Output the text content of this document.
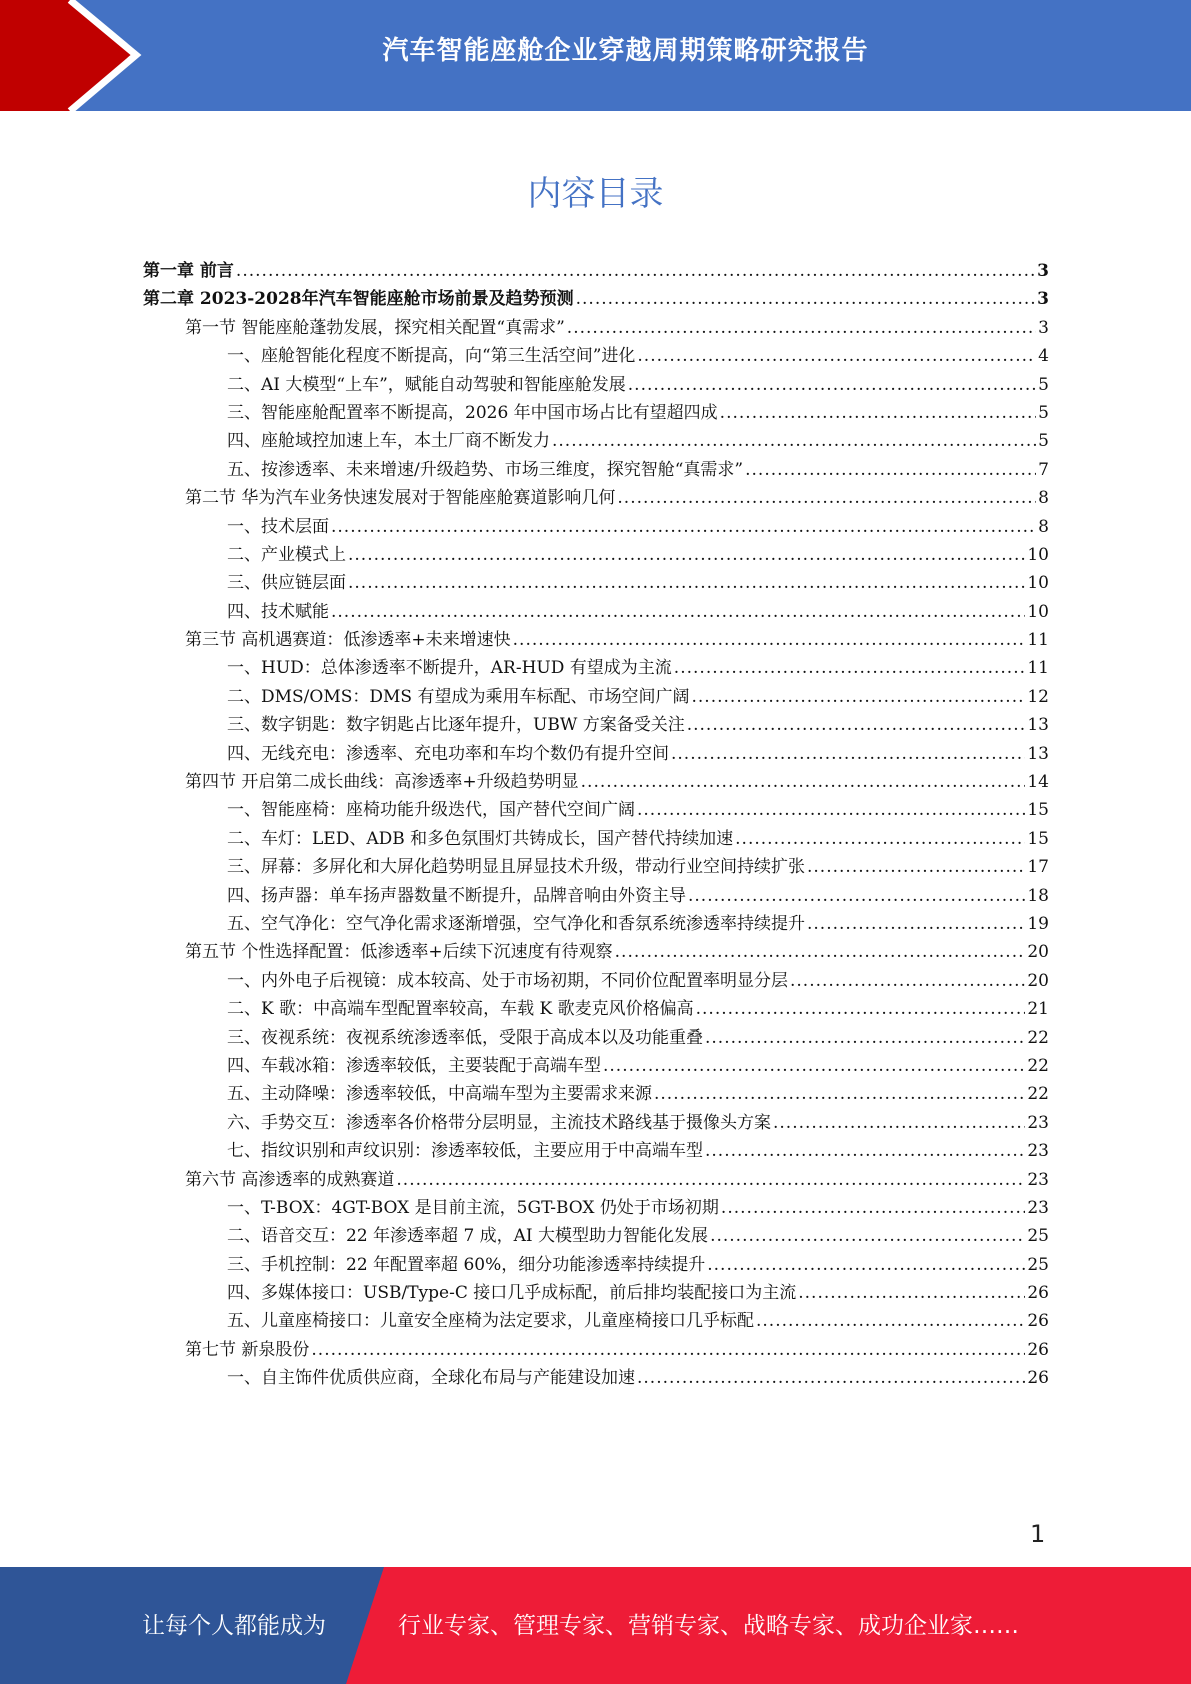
汽车智能座舱企业穿越周期策略研究报告
内容目录
第一章 前言 .....	3
第二章 2023-2028年汽车智能座舱市场前景及趋势预测 .....	3
第一节 智能座舱蓬勃发展，探究相关配置“真需求” .....	3
一、座舱智能化程度不断提高，向“第三生活空间”进化 .....	4
二、AI 大模型“上车”，赋能自动驾驶和智能座舱发展 .....	5
三、智能座舱配置率不断提高，2026 年中国市场占比有望超四成 .....	5
四、座舱域控加速上车，本土厂商不断发力 .....	5
五、按渗透率、未来增速/升级趋势、市场三维度，探究智舱“真需求” .....	7
第二节 华为汽车业务快速发展对于智能座舱赛道影响几何 .....	8
一、技术层面 .....	8
二、产业模式上 .....	10
三、供应链层面 .....	10
四、技术赋能 .....	10
第三节 高机遇赛道：低渗透率+未来增速快 .....	11
一、HUD：总体渗透率不断提升，AR-HUD 有望成为主流 .....	11
二、DMS/OMS：DMS 有望成为乘用车标配、市场空间广阔 .....	12
三、数字钥匙：数字钥匙占比逐年提升，UBW 方案备受关注 .....	13
四、无线充电：渗透率、充电功率和车均个数仍有提升空间 .....	13
第四节 开启第二成长曲线：高渗透率+升级趋势明显 .....	14
一、智能座椅：座椅功能升级迭代，国产替代空间广阔 .....	15
二、车灯：LED、ADB 和多色氛围灯共铸成长，国产替代持续加速 .....	15
三、屏幕：多屏化和大屏化趋势明显且屏显技术升级，带动行业空间持续扩张 .....	17
四、扬声器：单车扬声器数量不断提升，品牌音响由外资主导 .....	18
五、空气净化：空气净化需求逐渐增强，空气净化和香氛系统渗透率持续提升 .....	19
第五节 个性选择配置：低渗透率+后续下沉速度有待观察 .....	20
一、内外电子后视镜：成本较高、处于市场初期，不同价位配置率明显分层 .....	20
二、K 歌：中高端车型配置率较高，车载 K 歌麦克风价格偏高 .....	21
三、夜视系统：夜视系统渗透率低，受限于高成本以及功能重叠 .....	22
四、车载冰箱：渗透率较低，主要装配于高端车型 .....	22
五、主动降噪：渗透率较低，中高端车型为主要需求来源 .....	22
六、手势交互：渗透率各价格带分层明显，主流技术路线基于摄像头方案 .....	23
七、指纹识别和声纹识别：渗透率较低，主要应用于中高端车型 .....	23
第六节 高渗透率的成熟赛道 .....	23
一、T-BOX：4GT-BOX 是目前主流，5GT-BOX 仍处于市场初期 .....	23
二、语音交互：22 年渗透率超 7 成，AI 大模型助力智能化发展 .....	25
三、手机控制：22 年配置率超 60%，细分功能渗透率持续提升 .....	25
四、多媒体接口：USB/Type-C 接口几乎成标配，前后排均装配接口为主流 .....	26
五、儿童座椅接口：儿童安全座椅为法定要求，儿童座椅接口几乎标配 .....	26
第七节 新泉股份 .....	26
一、自主饰件优质供应商，全球化布局与产能建设加速 .....	26
1
让每个人都能成为	行业专家、管理专家、营销专家、战略专家、成功企业家……
